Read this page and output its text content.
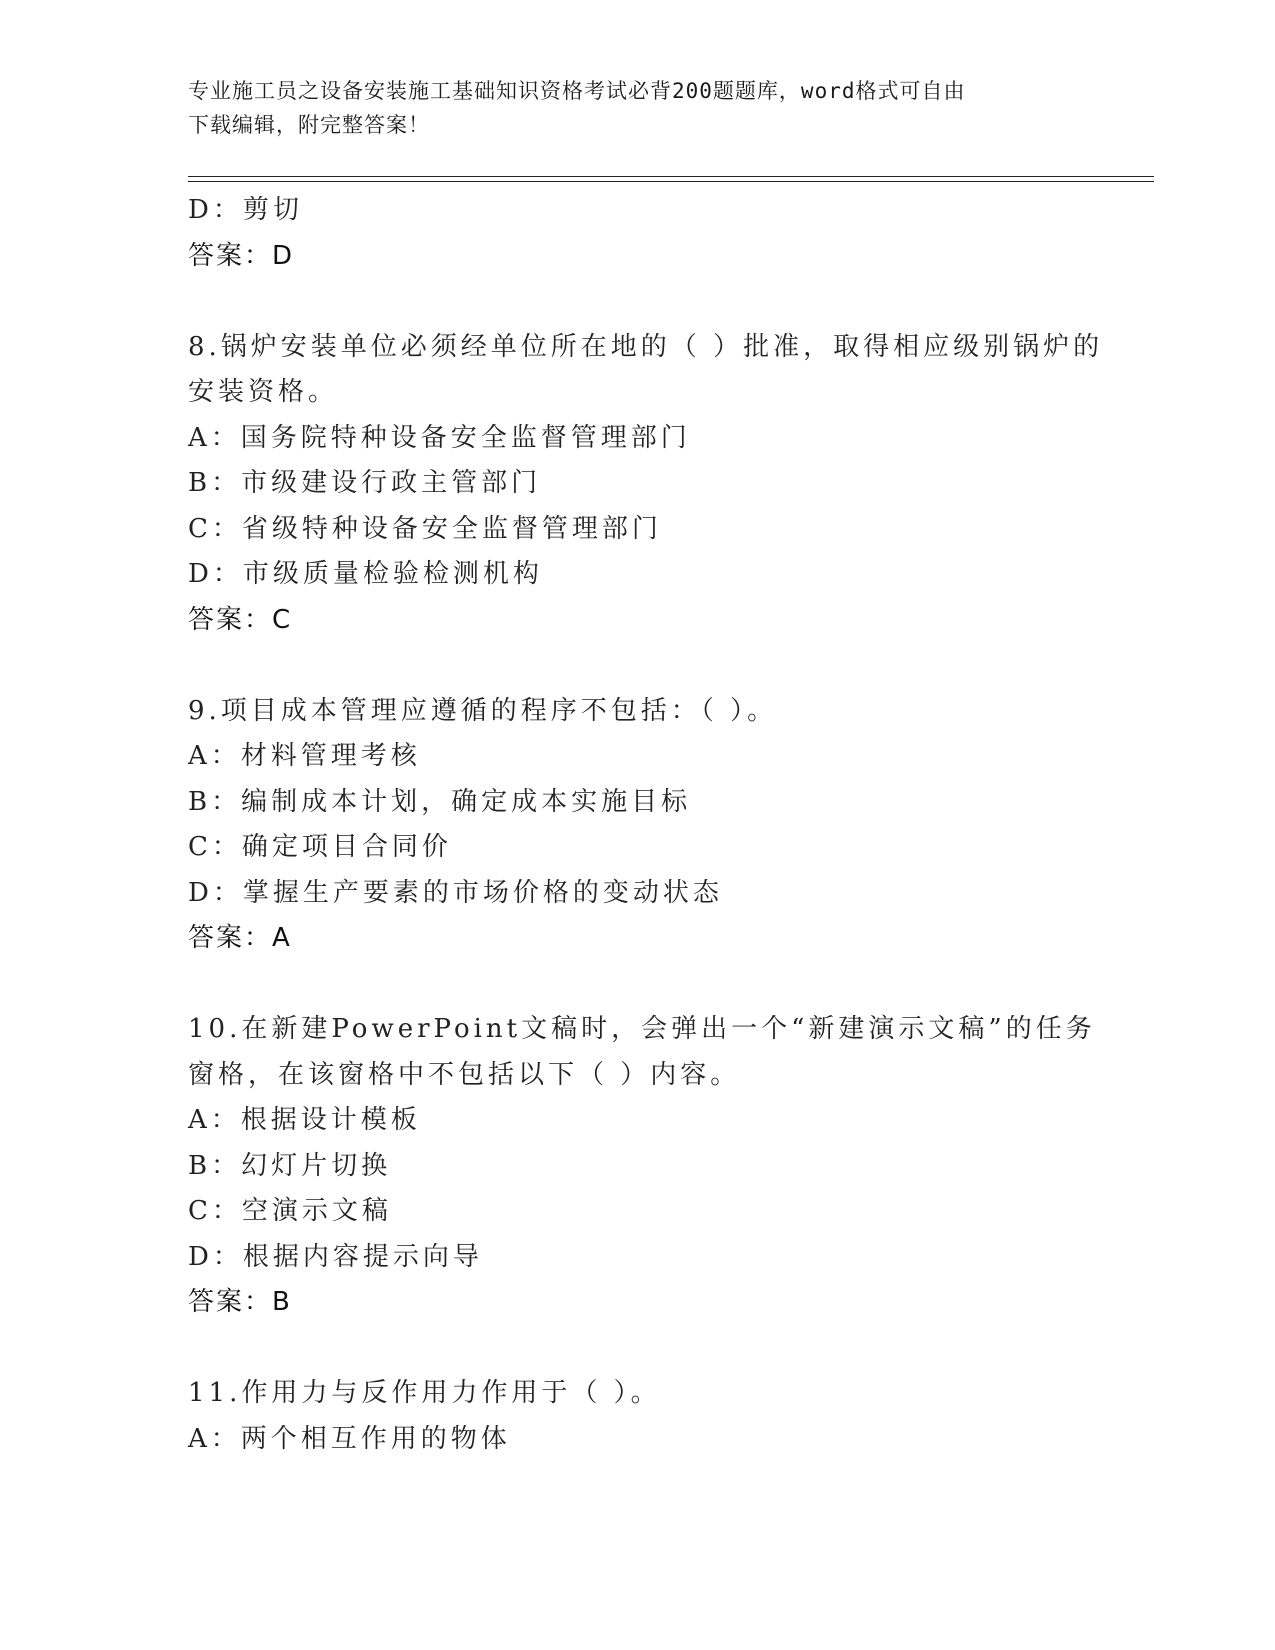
专业施工员之设备安装施工基础知识资格考试必背200题题库，word格式可自由
下载编辑，附完整答案！
D：剪切
答案：D
8.锅炉安装单位必须经单位所在地的（ ）批准，取得相应级别锅炉的
安装资格。
A：国务院特种设备安全监督管理部门
B：市级建设行政主管部门
C：省级特种设备安全监督管理部门
D：市级质量检验检测机构
答案：C
9.项目成本管理应遵循的程序不包括：（ ）。
A：材料管理考核
B：编制成本计划，确定成本实施目标
C：确定项目合同价
D：掌握生产要素的市场价格的变动状态
答案：A
10.在新建PowerPoint文稿时，会弹出一个“新建演示文稿”的任务
窗格，在该窗格中不包括以下（ ）内容。
A：根据设计模板
B：幻灯片切换
C：空演示文稿
D：根据内容提示向导
答案：B
11.作用力与反作用力作用于（ ）。
A：两个相互作用的物体
